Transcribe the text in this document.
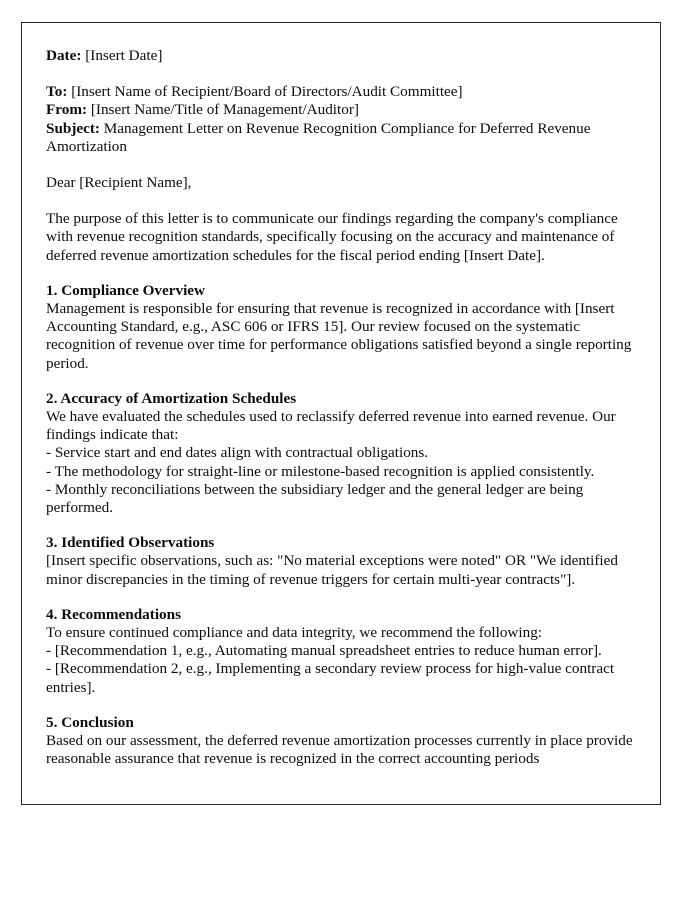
Date: [Insert Date]
To: [Insert Name of Recipient/Board of Directors/Audit Committee]
From: [Insert Name/Title of Management/Auditor]
Subject: Management Letter on Revenue Recognition Compliance for Deferred Revenue Amortization
Dear [Recipient Name],
The purpose of this letter is to communicate our findings regarding the company's compliance with revenue recognition standards, specifically focusing on the accuracy and maintenance of deferred revenue amortization schedules for the fiscal period ending [Insert Date].
1. Compliance Overview
Management is responsible for ensuring that revenue is recognized in accordance with [Insert Accounting Standard, e.g., ASC 606 or IFRS 15]. Our review focused on the systematic recognition of revenue over time for performance obligations satisfied beyond a single reporting period.
2. Accuracy of Amortization Schedules
We have evaluated the schedules used to reclassify deferred revenue into earned revenue. Our findings indicate that:
- Service start and end dates align with contractual obligations.
- The methodology for straight-line or milestone-based recognition is applied consistently.
- Monthly reconciliations between the subsidiary ledger and the general ledger are being performed.
3. Identified Observations
[Insert specific observations, such as: "No material exceptions were noted" OR "We identified minor discrepancies in the timing of revenue triggers for certain multi-year contracts"].
4. Recommendations
To ensure continued compliance and data integrity, we recommend the following:
- [Recommendation 1, e.g., Automating manual spreadsheet entries to reduce human error].
- [Recommendation 2, e.g., Implementing a secondary review process for high-value contract entries].
5. Conclusion
Based on our assessment, the deferred revenue amortization processes currently in place provide reasonable assurance that revenue is recognized in the correct accounting periods
